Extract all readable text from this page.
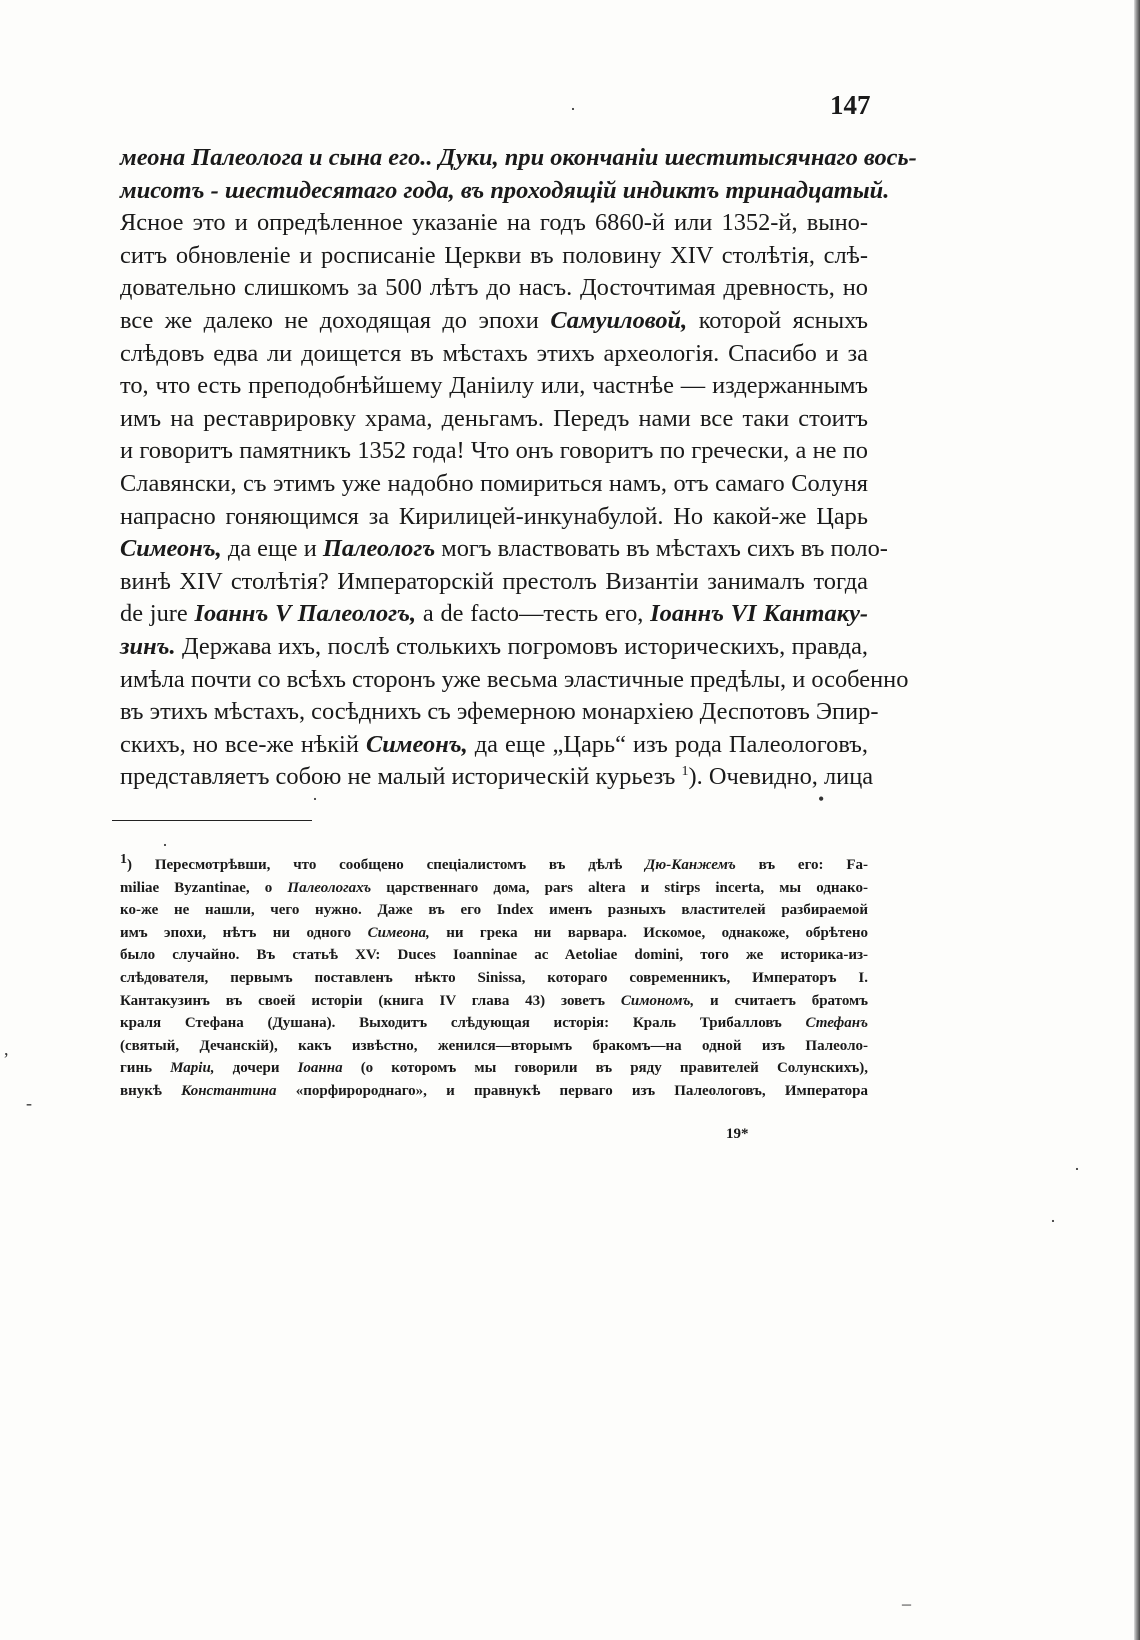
147
·
·	•
·
,
-
·
·
_
меона Палеолога и сына его.. Дуки, при окончаніи шеститысячнаго вось-
мисотъ - шестидесятаго года, въ проходящій индиктъ тринадцатый.
Ясное это и опредѣленное указаніе на годъ 6860-й или 1352-й, выно-
ситъ обновленіе и росписаніе Церкви въ половину XIV столѣтія, слѣ-
довательно слишкомъ за 500 лѣтъ до насъ. Досточтимая древность, но
все же далеко не доходящая до эпохи Самуиловой, которой ясныхъ
слѣдовъ едва ли доищется въ мѣстахъ этихъ археологія. Спасибо и за
то, что есть преподобнѣйшему Даніилу или, частнѣе — издержаннымъ
имъ на реставрировку храма, деньгамъ. Передъ нами все таки стоитъ
и говоритъ памятникъ 1352 года! Что онъ говоритъ по гречески, а не по
Славянски, съ этимъ уже надобно помириться намъ, отъ самаго Солуня
напрасно гоняющимся за Кирилицей-инкунабулой. Но какой-же Царь
Симеонъ, да еще и Палеологъ могъ властвовать въ мѣстахъ сихъ въ поло-
винѣ XIV столѣтія? Императорскій престолъ Византіи занималъ тогда
de jure Іоаннъ V Палеологъ, а de facto—тесть его, Іоаннъ VI Кантаку-
зинъ. Держава ихъ, послѣ столькихъ погромовъ историческихъ, правда,
имѣла почти со всѣхъ сторонъ уже весьма эластичные предѣлы, и особенно
въ этихъ мѣстахъ, сосѣднихъ съ эфемерною монархіею Деспотовъ Эпир-
скихъ, но все-же нѣкій Симеонъ, да еще „Царь“ изъ рода Палеологовъ,
представляетъ собою не малый историческій курьезъ $^1$). Очевидно, лица
1) Пересмотрѣвши, что сообщено спеціалистомъ въ дѣлѣ Дю-Канжемъ въ его: Fa-
miliae Byzantinae, о Палеологахъ царственнаго дома, pars altera и stirps incerta, мы однако-
ко-же не нашли, чего нужно. Даже въ его Index именъ разныхъ властителей разбираемой
имъ эпохи, нѣтъ ни одного Симеона, ни грека ни варвара. Искомое, однакоже, обрѣтено
было случайно. Въ статьѣ XV: Duces Ioanninae ac Aetoliae domini, того же историка-из-
слѣдователя, первымъ поставленъ нѣкто Sinissa, котораго современникъ, Императоръ І.
Кантакузинъ въ своей исторіи (книга IV глава 43) зоветъ Симономъ, и считаетъ братомъ
краля Стефана (Душана). Выходитъ слѣдующая исторія: Краль Трибалловъ Стефанъ
(святый, Дечанскій), какъ извѣстно, женился—вторымъ бракомъ—на одной изъ Палеоло-
гинь Маріи, дочери Іоанна (о которомъ мы говорили въ ряду правителей Солунскихъ),
внукѣ Константина «порфиророднаго», и правнукѣ перваго изъ Палеологовъ, Императора
19*
